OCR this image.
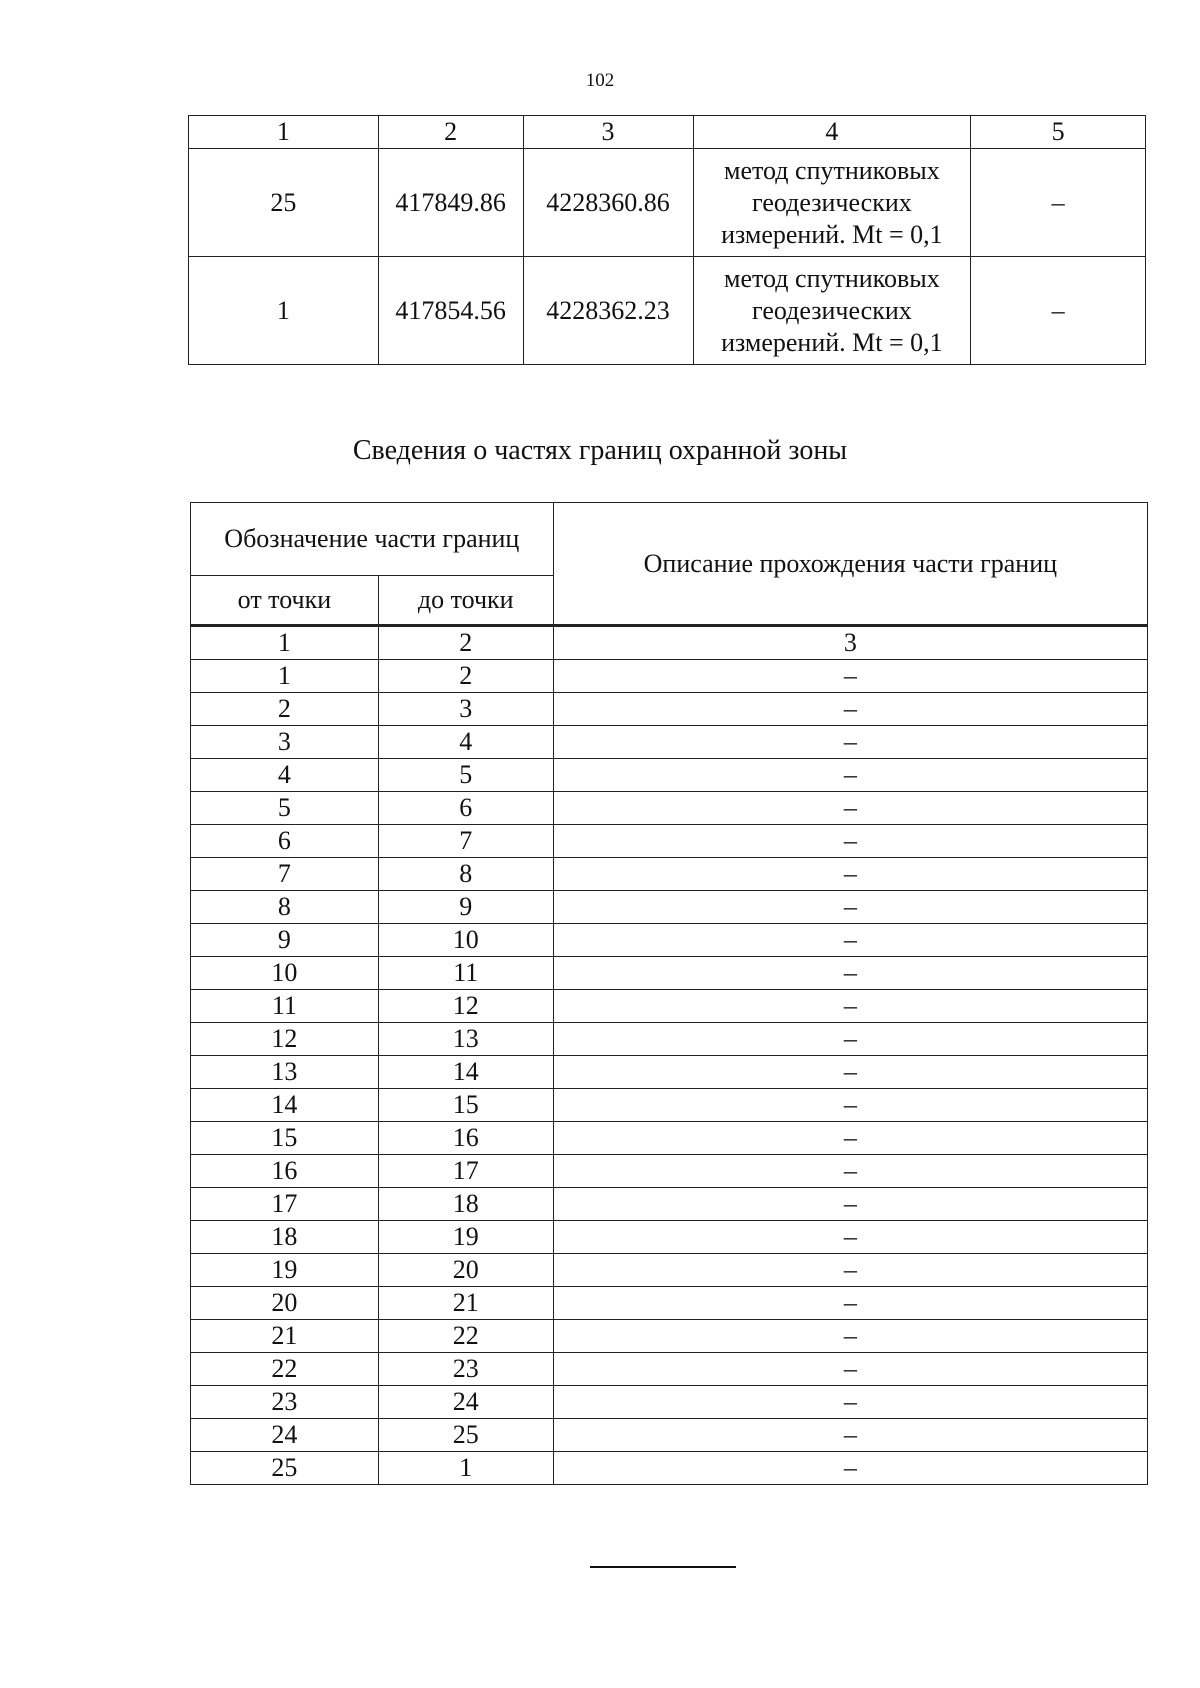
102
1	2	3	4	5
25	417849.86	4228360.86	метод спутниковых
геодезических
измерений. Mt = 0,1	–
1	417854.56	4228362.23	метод спутниковых
геодезических
измерений. Mt = 0,1	–
Сведения о частях границ охранной зоны
Обозначение части границ		Описание прохождения части границ
от точки	до точки	
1	2	3
1	2	–
2	3	–
3	4	–
4	5	–
5	6	–
6	7	–
7	8	–
8	9	–
9	10	–
10	11	–
11	12	–
12	13	–
13	14	–
14	15	–
15	16	–
16	17	–
17	18	–
18	19	–
19	20	–
20	21	–
21	22	–
22	23	–
23	24	–
24	25	–
25	1	–
